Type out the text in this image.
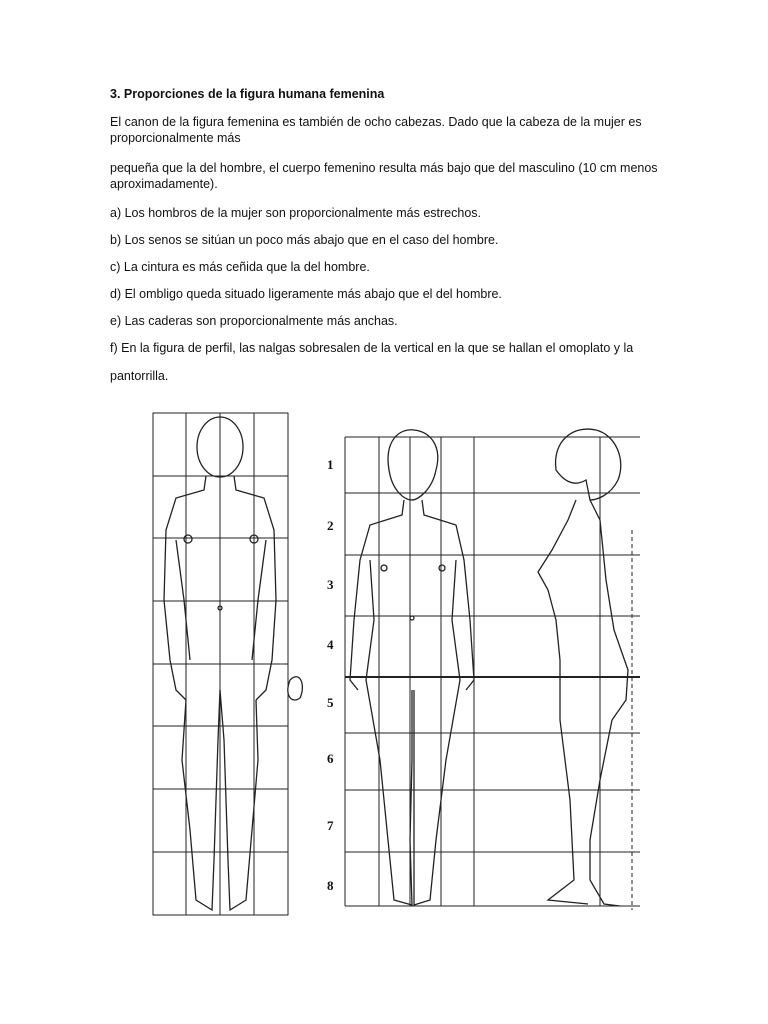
3. Proporciones de la figura humana femenina
El canon de la figura femenina es también de ocho cabezas. Dado que la cabeza de la mujer es proporcionalmente más
pequeña que la del hombre, el cuerpo femenino resulta más bajo que del masculino (10 cm menos aproximadamente).
a) Los hombros de la mujer son proporcionalmente más estrechos.
b) Los senos se sitúan un poco más abajo que en el caso del hombre.
c) La cintura es más ceñida que la del hombre.
d) El ombligo queda situado ligeramente más abajo que el del hombre.
e) Las caderas son proporcionalmente más anchas.
f) En la figura de perfil, las nalgas sobresalen de la vertical en la que se hallan el omoplato y la
pantorrilla.
1
2
3
4
5
6
7
8
